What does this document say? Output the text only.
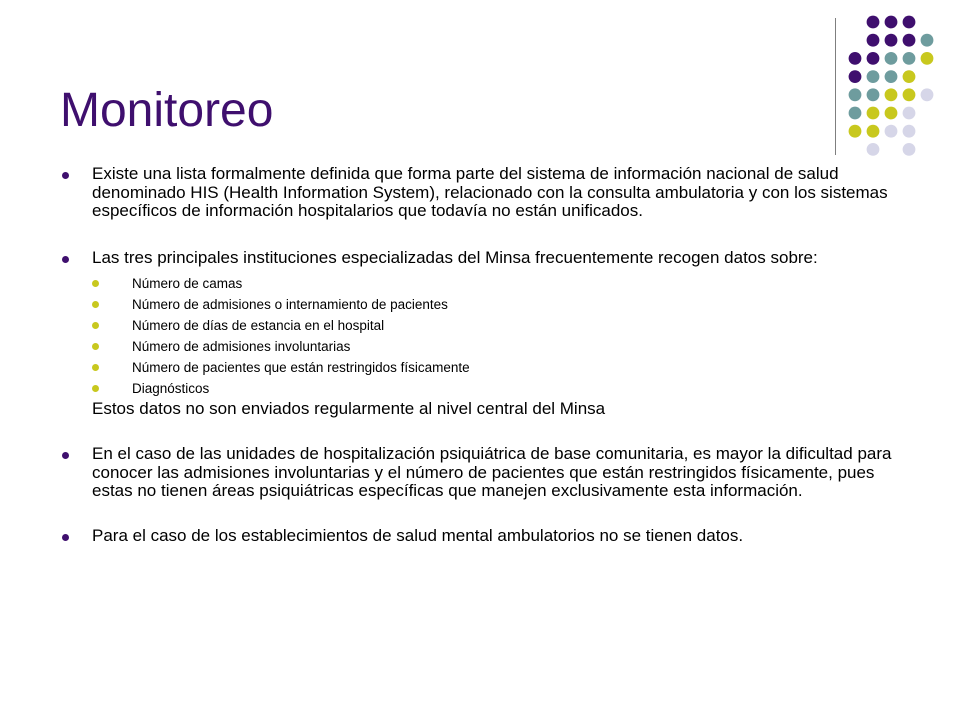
Monitoreo
Existe una lista formalmente definida que forma parte del sistema de información nacional de salud denominado HIS (Health Information System), relacionado con la consulta ambulatoria y con los sistemas específicos de información hospitalarios que todavía no están unificados.
Las tres principales instituciones especializadas del Minsa frecuentemente recogen datos sobre:
Número de camas
Número de admisiones o internamiento de pacientes
Número de días de estancia en el hospital
Número de admisiones involuntarias
Número de pacientes que están restringidos físicamente
Diagnósticos
Estos datos no son enviados regularmente al nivel central del Minsa
En el caso de las unidades de hospitalización psiquiátrica de base comunitaria, es mayor la dificultad para conocer las admisiones involuntarias y el número de pacientes que están restringidos físicamente, pues estas no tienen áreas psiquiátricas específicas que manejen exclusivamente esta información.
Para el caso de los establecimientos de salud mental ambulatorios no se tienen datos.
